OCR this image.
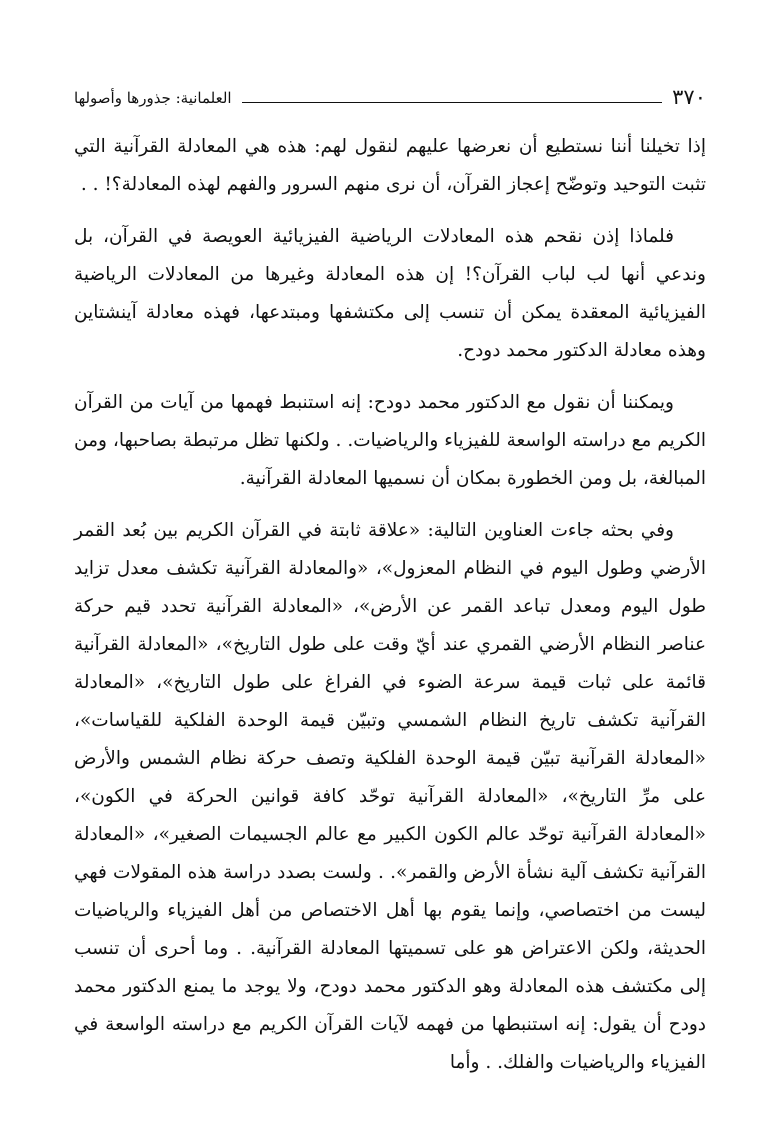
٣٧٠
العلمانية: جذورها وأصولها

إذا تخيلنا أننا نستطيع أن نعرضها عليهم لنقول لهم: هذه هي المعادلة القرآنية التي تثبت التوحيد وتوضّح إعجاز القرآن، أن نرى منهم السرور والفهم لهذه المعادلة؟! . .

فلماذا إذن نقحم هذه المعادلات الرياضية الفيزيائية العويصة في القرآن، بل وندعي أنها لب لباب القرآن؟! إن هذه المعادلة وغيرها من المعادلات الرياضية الفيزيائية المعقدة يمكن أن تنسب إلى مكتشفها ومبتدعها، فهذه معادلة آينشتاين وهذه معادلة الدكتور محمد دودح.

ويمكننا أن نقول مع الدكتور محمد دودح: إنه استنبط فهمها من آيات من القرآن الكريم مع دراسته الواسعة للفيزياء والرياضيات. . ولكنها تظل مرتبطة بصاحبها، ومن المبالغة، بل ومن الخطورة بمكان أن نسميها المعادلة القرآنية.

وفي بحثه جاءت العناوين التالية: «علاقة ثابتة في القرآن الكريم بين بُعد القمر الأرضي وطول اليوم في النظام المعزول»، «والمعادلة القرآنية تكشف معدل تزايد طول اليوم ومعدل تباعد القمر عن الأرض»، «المعادلة القرآنية تحدد قيم حركة عناصر النظام الأرضي القمري عند أيّ وقت على طول التاريخ»، «المعادلة القرآنية قائمة على ثبات قيمة سرعة الضوء في الفراغ على طول التاريخ»، «المعادلة القرآنية تكشف تاريخ النظام الشمسي وتبيّن قيمة الوحدة الفلكية للقياسات»، «المعادلة القرآنية تبيّن قيمة الوحدة الفلكية وتصف حركة نظام الشمس والأرض على مرِّ التاريخ»، «المعادلة القرآنية توحّد كافة قوانين الحركة في الكون»، «المعادلة القرآنية توحّد عالم الكون الكبير مع عالم الجسيمات الصغير»، «المعادلة القرآنية تكشف آلية نشأة الأرض والقمر». . ولست بصدد دراسة هذه المقولات فهي ليست من اختصاصي، وإنما يقوم بها أهل الاختصاص من أهل الفيزياء والرياضيات الحديثة، ولكن الاعتراض هو على تسميتها المعادلة القرآنية. . وما أحرى أن تنسب إلى مكتشف هذه المعادلة وهو الدكتور محمد دودح، ولا يوجد ما يمنع الدكتور محمد دودح أن يقول: إنه استنبطها من فهمه لآيات القرآن الكريم مع دراسته الواسعة في الفيزياء والرياضيات والفلك. . وأما
